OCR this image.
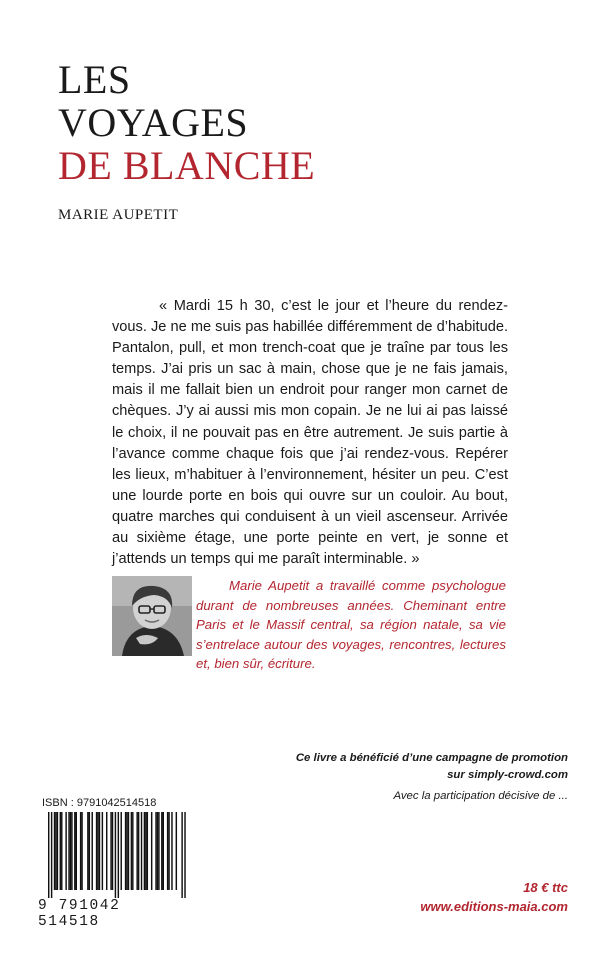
LES
VOYAGES
DE BLANCHE
MARIE AUPETIT

« Mardi 15 h 30, c’est le jour et l’heure du rendez-vous. Je ne me suis pas habillée différemment de d’habitude. Pantalon, pull, et mon trench-coat que je traîne par tous les temps. J’ai pris un sac à main, chose que je ne fais jamais, mais il me fallait bien un endroit pour ranger mon carnet de chèques. J’y ai aussi mis mon copain. Je ne lui ai pas laissé le choix, il ne pouvait pas en être autrement. Je suis partie à l’avance comme chaque fois que j’ai rendez-vous. Repérer les lieux, m’habituer à l’environnement, hésiter un peu. C’est une lourde porte en bois qui ouvre sur un couloir. Au bout, quatre marches qui conduisent à un vieil ascenseur. Arrivée au sixième étage, une porte peinte en vert, je sonne et j’attends un temps qui me paraît interminable. »

Marie Aupetit a travaillé comme psychologue durant de nombreuses années. Cheminant entre Paris et le Massif central, sa région natale, sa vie s’entrelace autour des voyages, rencontres, lectures et, bien sûr, écriture.

Ce livre a bénéficié d’une campagne de promotion
sur simply-crowd.com
Avec la participation décisive de ...
ISBN : 9791042514518
9 791042 514518
18 € ttc
www.editions-maia.com
